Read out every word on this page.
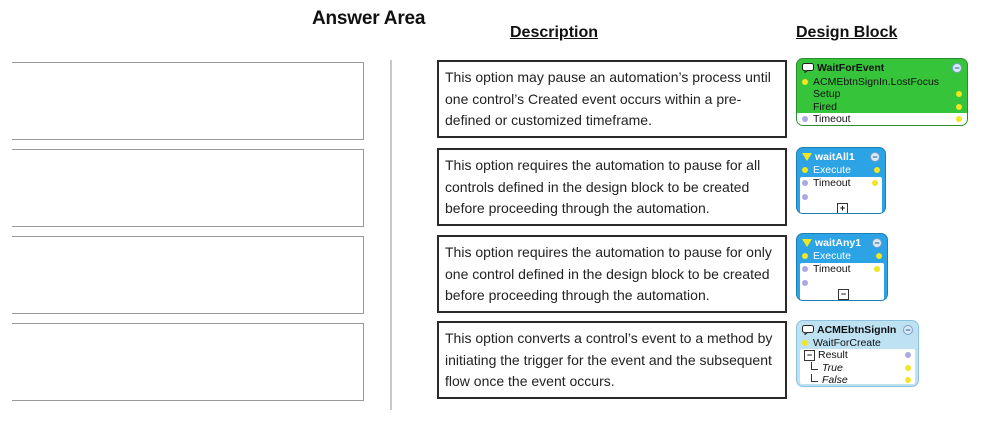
Answer Area
Description	Design Block
This option may pause an automation’s process until one control’s Created event occurs within a pre-defined or customized timeframe.
This option requires the automation to pause for all controls defined in the design block to be created before proceeding through the automation.
This option requires the automation to pause for only one control defined in the design block to be created before proceeding through the automation.
This option converts a control’s event to a method by initiating the trigger for the event and the subsequent flow once the event occurs.
WaitForEvent	−
ACMEbtnSignIn.LostFocus
Setup
Fired
Timeout
waitAll1 −
Execute
Timeout
+
waitAny1 −
Execute
Timeout
−
ACMEbtnSignIn −
WaitForCreate
− Result
True
False
